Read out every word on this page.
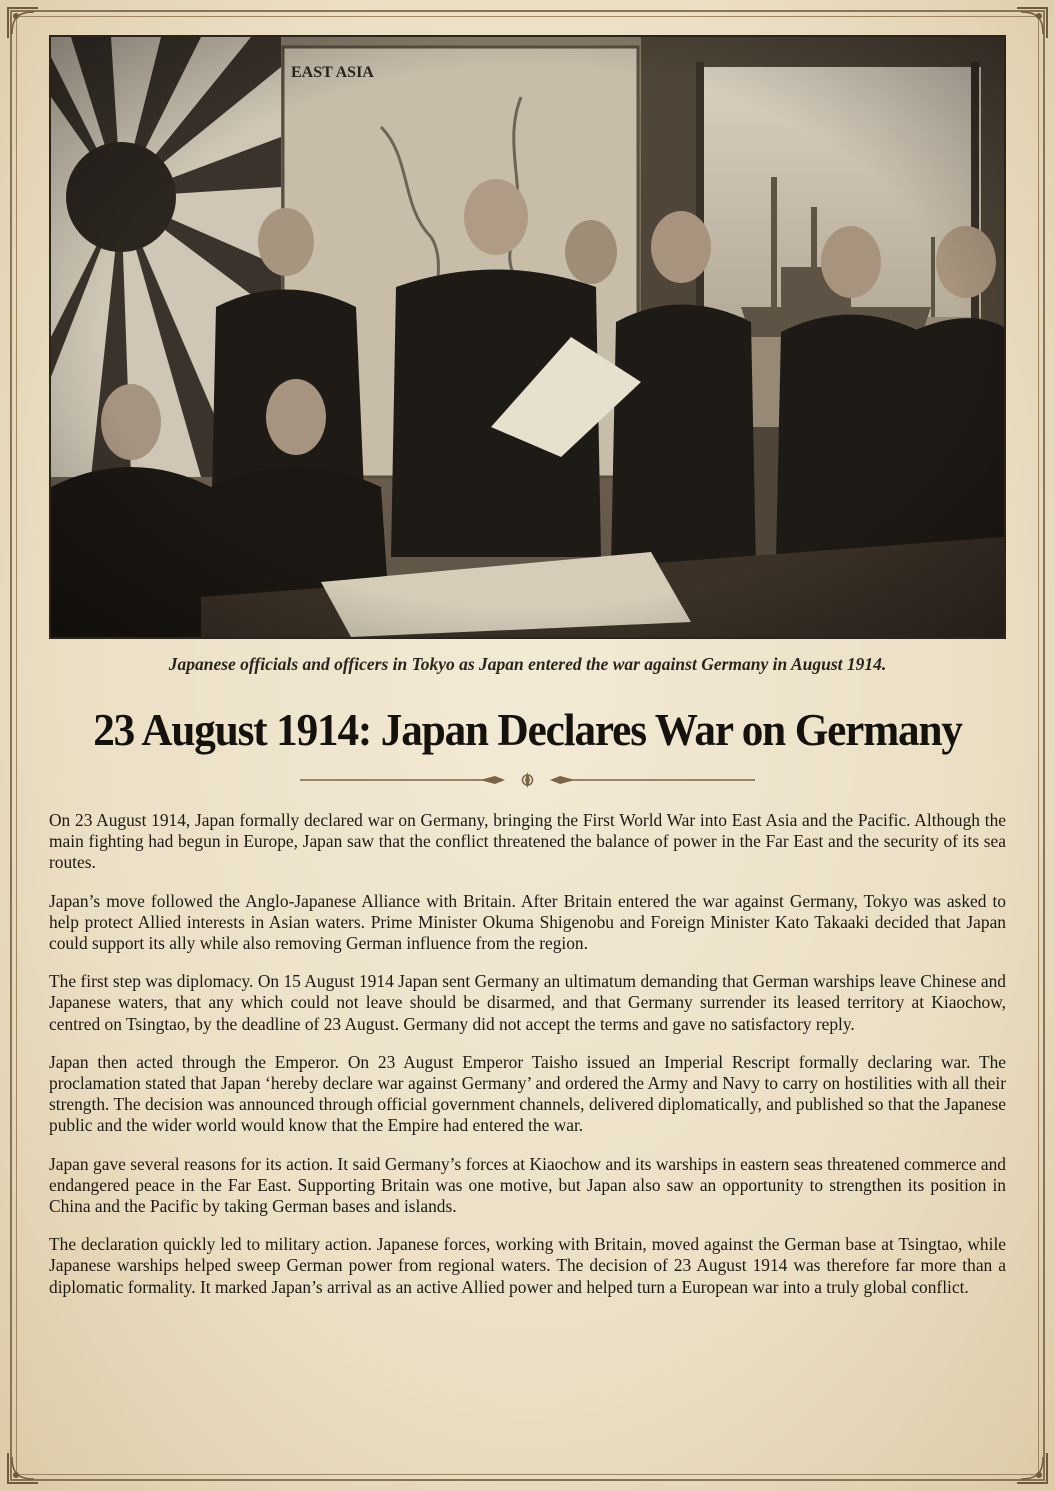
Japanese officials and officers in Tokyo as Japan entered the war against Germany in August 1914.
23 August 1914: Japan Declares War on Germany

On 23 August 1914, Japan formally declared war on Germany, bringing the First World War into East Asia and the Pacific. Although the main fighting had begun in Europe, Japan saw that the conflict threatened the balance of power in the Far East and the security of its sea routes.

Japan’s move followed the Anglo-Japanese Alliance with Britain. After Britain entered the war against Germany, Tokyo was asked to help protect Allied interests in Asian waters. Prime Minister Okuma Shigenobu and Foreign Minister Kato Takaaki decided that Japan could support its ally while also removing German influence from the region.

The first step was diplomacy. On 15 August 1914 Japan sent Germany an ultimatum demanding that German warships leave Chinese and Japanese waters, that any which could not leave should be disarmed, and that Germany surrender its leased territory at Kiaochow, centred on Tsingtao, by the deadline of 23 August. Germany did not accept the terms and gave no satisfactory reply.

Japan then acted through the Emperor. On 23 August Emperor Taisho issued an Imperial Rescript formally declaring war. The proclamation stated that Japan ‘hereby declare war against Germany’ and ordered the Army and Navy to carry on hostilities with all their strength. The decision was announced through official government channels, delivered diplomatically, and published so that the Japanese public and the wider world would know that the Empire had entered the war.

Japan gave several reasons for its action. It said Germany’s forces at Kiaochow and its warships in eastern seas threatened commerce and endangered peace in the Far East. Supporting Britain was one motive, but Japan also saw an opportunity to strengthen its position in China and the Pacific by taking German bases and islands.

The declaration quickly led to military action. Japanese forces, working with Britain, moved against the German base at Tsingtao, while Japanese warships helped sweep German power from regional waters. The decision of 23 August 1914 was therefore far more than a diplomatic formality. It marked Japan’s arrival as an active Allied power and helped turn a European war into a truly global conflict.
